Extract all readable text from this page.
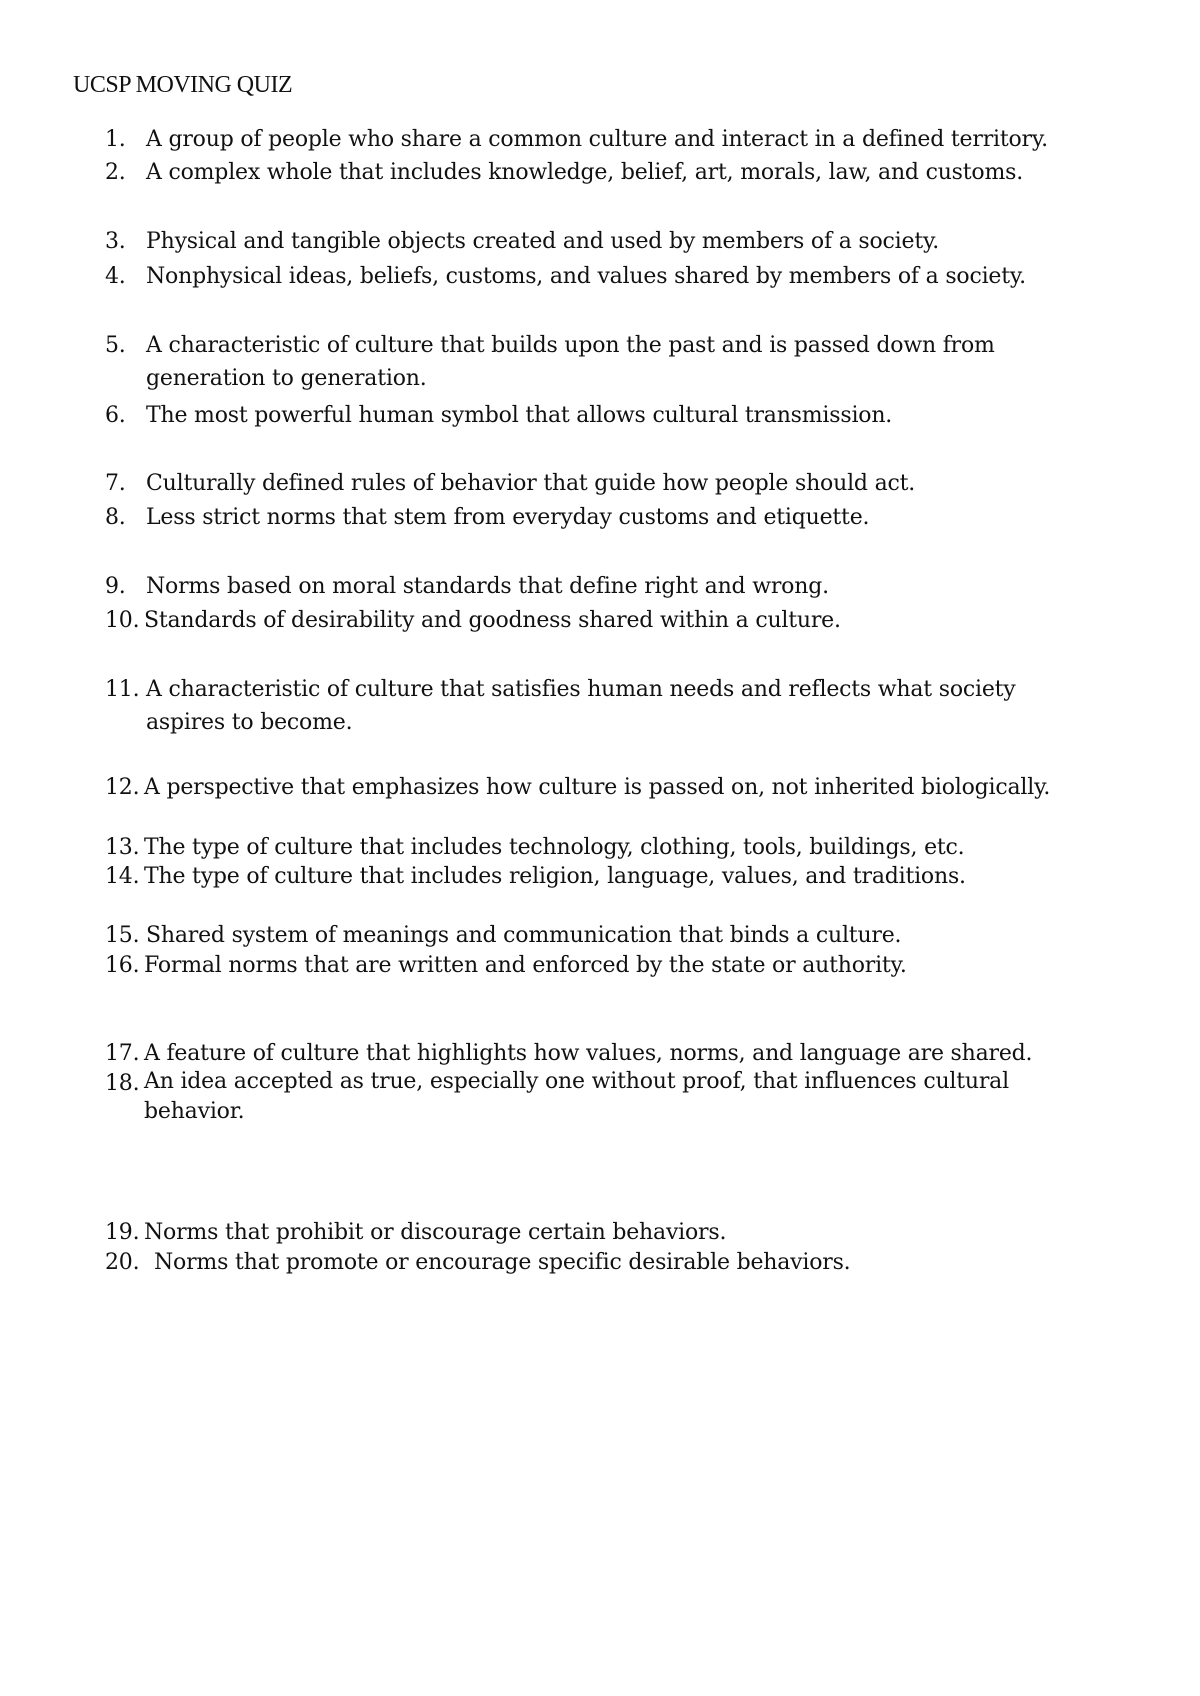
UCSP MOVING QUIZ
1. A group of people who share a common culture and interact in a defined territory.
2. A complex whole that includes knowledge, belief, art, morals, law, and customs.
3. Physical and tangible objects created and used by members of a society.
4. Nonphysical ideas, beliefs, customs, and values shared by members of a society.
5. A characteristic of culture that builds upon the past and is passed down from generation to generation.
6. The most powerful human symbol that allows cultural transmission.
7. Culturally defined rules of behavior that guide how people should act.
8. Less strict norms that stem from everyday customs and etiquette.
9. Norms based on moral standards that define right and wrong.
10. Standards of desirability and goodness shared within a culture.
11. A characteristic of culture that satisfies human needs and reflects what society aspires to become.
12. A perspective that emphasizes how culture is passed on, not inherited biologically.
13. The type of culture that includes technology, clothing, tools, buildings, etc.
14. The type of culture that includes religion, language, values, and traditions.
15. Shared system of meanings and communication that binds a culture.
16. Formal norms that are written and enforced by the state or authority.
17. A feature of culture that highlights how values, norms, and language are shared.
18. An idea accepted as true, especially one without proof, that influences cultural behavior.
19. Norms that prohibit or discourage certain behaviors.
20. Norms that promote or encourage specific desirable behaviors.
